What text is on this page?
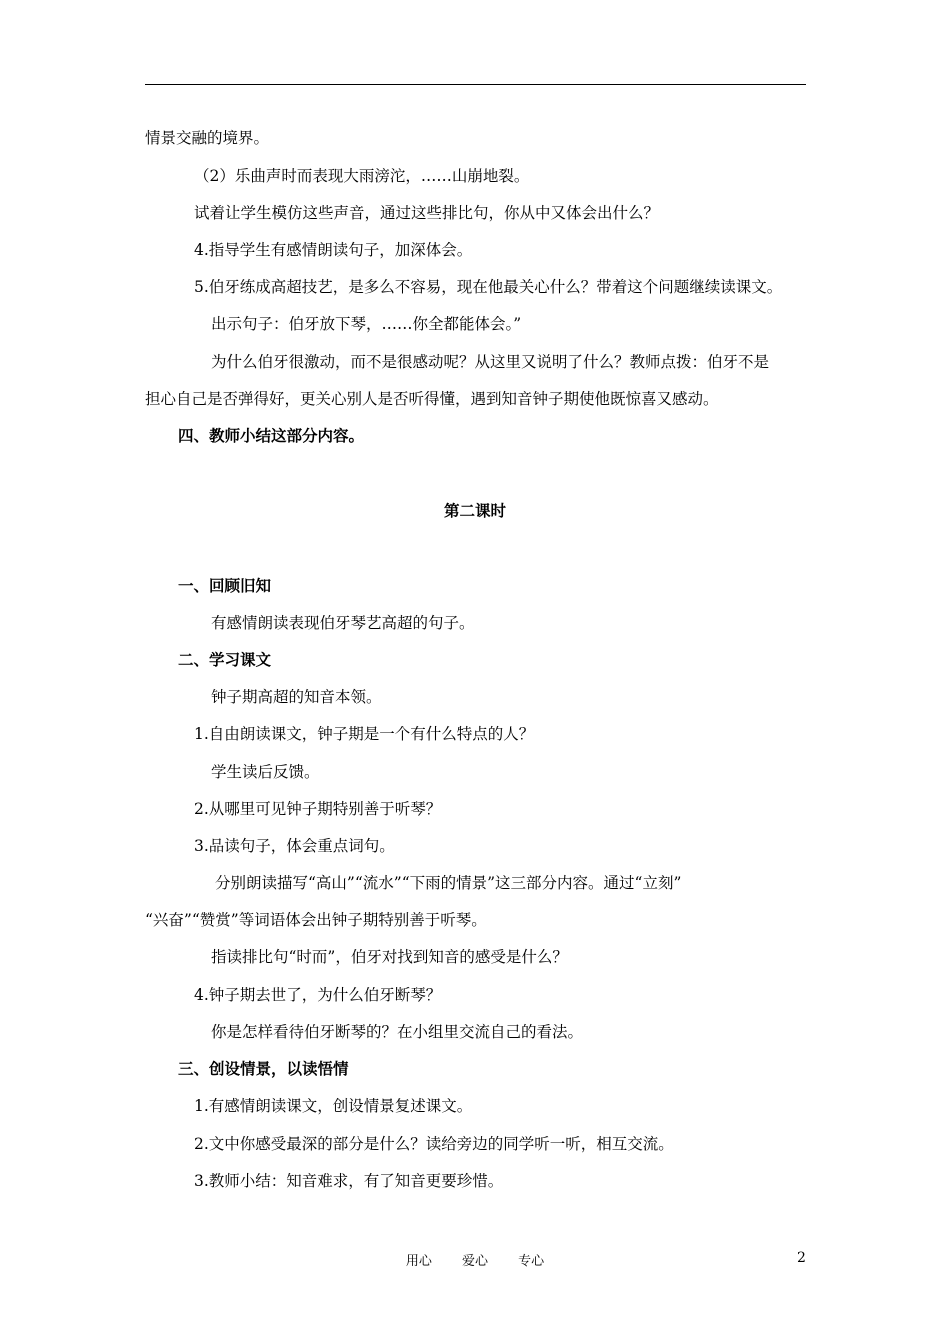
情景交融的境界。
（2）乐曲声时而表现大雨滂沱，……山崩地裂。
试着让学生模仿这些声音，通过这些排比句，你从中又体会出什么？
4.指导学生有感情朗读句子，加深体会。
5.伯牙练成高超技艺，是多么不容易，现在他最关心什么？带着这个问题继续读课文。
出示句子：伯牙放下琴，……你全都能体会。”
为什么伯牙很激动，而不是很感动呢？从这里又说明了什么？教师点拨：伯牙不是
担心自己是否弹得好，更关心别人是否听得懂，遇到知音钟子期使他既惊喜又感动。
四、教师小结这部分内容。
第二课时
一、回顾旧知
有感情朗读表现伯牙琴艺高超的句子。
二、学习课文
钟子期高超的知音本领。
1.自由朗读课文，钟子期是一个有什么特点的人？
学生读后反馈。
2.从哪里可见钟子期特别善于听琴？
3.品读句子，体会重点词句。
分别朗读描写“高山”“流水”“下雨的情景”这三部分内容。通过“立刻”
“兴奋”“赞赏”等词语体会出钟子期特别善于听琴。
指读排比句“时而”，伯牙对找到知音的感受是什么？
4.钟子期去世了，为什么伯牙断琴？
你是怎样看待伯牙断琴的？在小组里交流自己的看法。
三、创设情景，以读悟情
1.有感情朗读课文，创设情景复述课文。
2.文中你感受最深的部分是什么？读给旁边的同学听一听，相互交流。
3.教师小结：知音难求，有了知音更要珍惜。
用心 爱心 专心	2
